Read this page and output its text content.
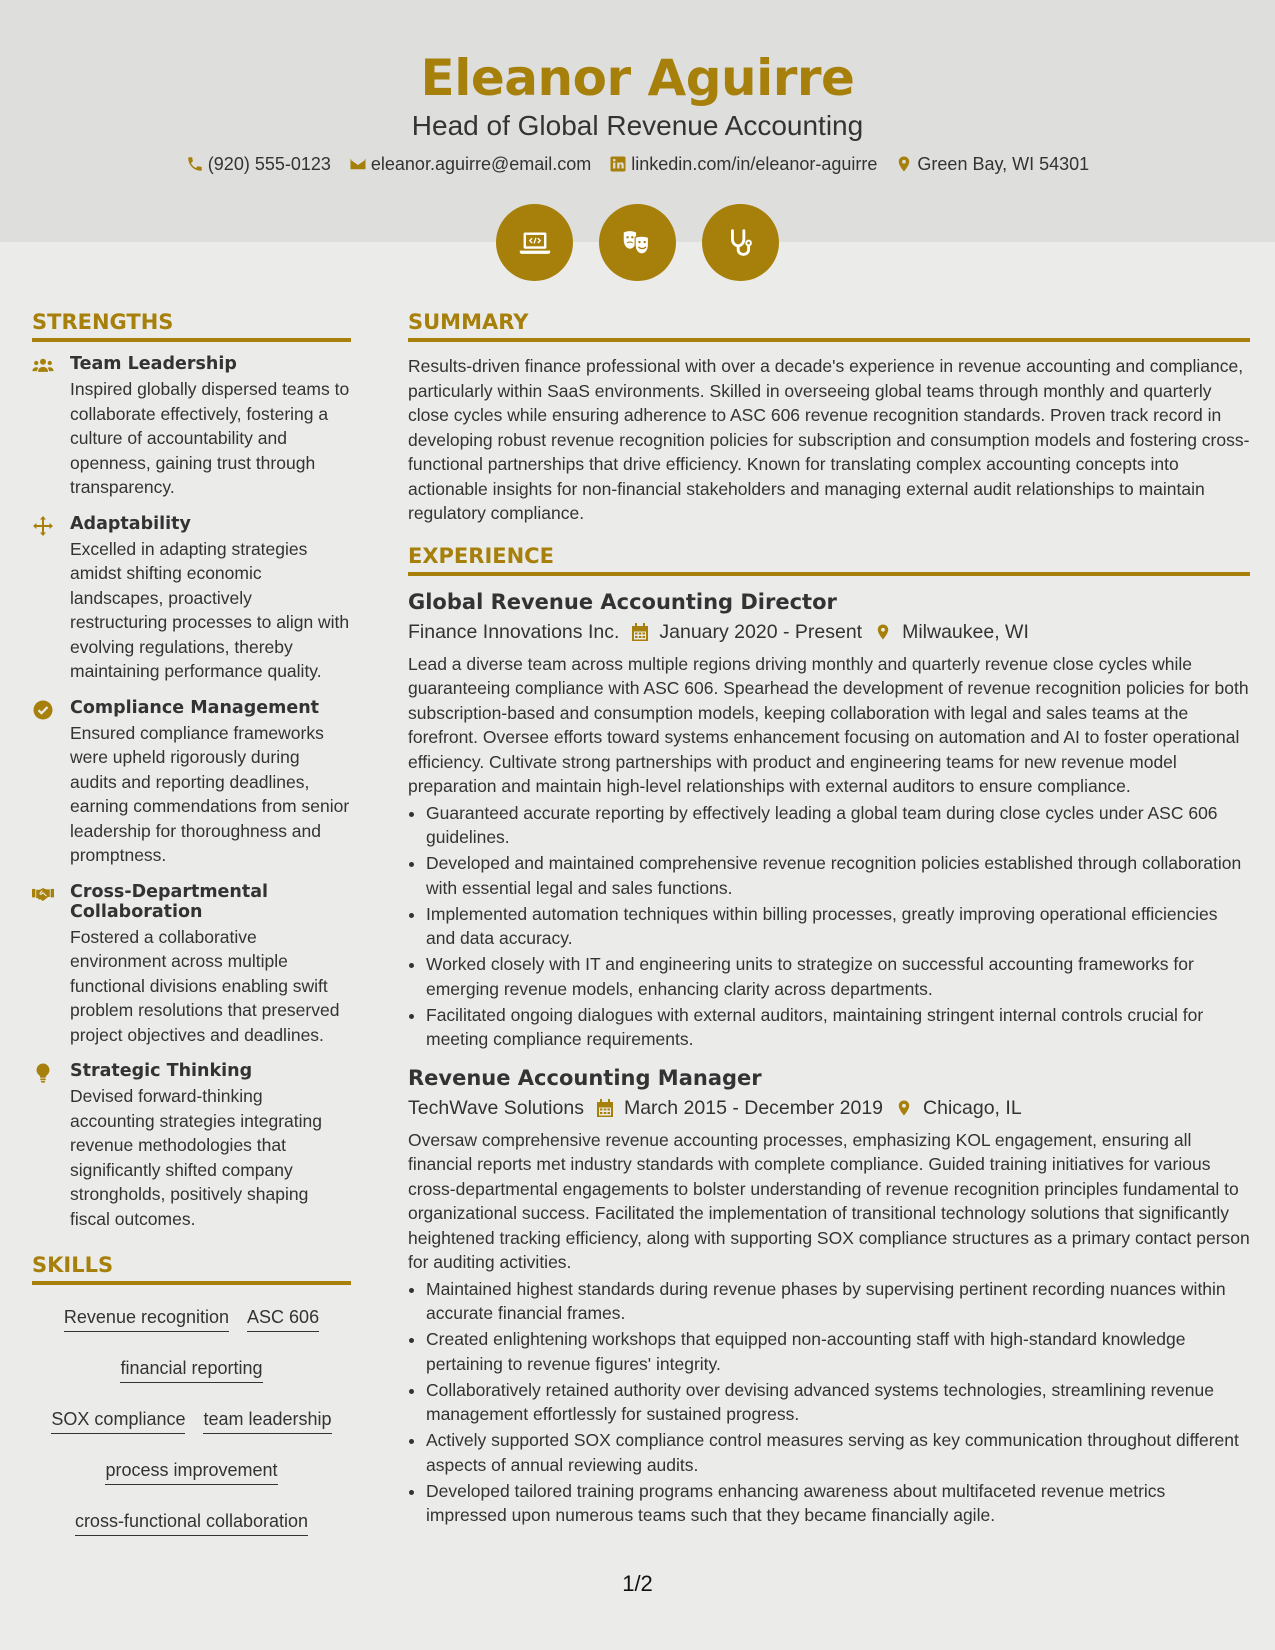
Eleanor Aguirre
Head of Global Revenue Accounting
(920) 555-0123 eleanor.aguirre@email.com linkedin.com/in/eleanor-aguirre Green Bay, WI 54301
STRENGTHS
Team Leadership
Inspired globally dispersed teams to collaborate effectively, fostering a culture of accountability and openness, gaining trust through transparency.
Adaptability
Excelled in adapting strategies amidst shifting economic landscapes, proactively restructuring processes to align with evolving regulations, thereby maintaining performance quality.
Compliance Management
Ensured compliance frameworks were upheld rigorously during audits and reporting deadlines, earning commendations from senior leadership for thoroughness and promptness.
Cross-Departmental Collaboration
Fostered a collaborative environment across multiple functional divisions enabling swift problem resolutions that preserved project objectives and deadlines.
Strategic Thinking
Devised forward-thinking accounting strategies integrating revenue methodologies that significantly shifted company strongholds, positively shaping fiscal outcomes.
SKILLS
Revenue recognition ASC 606
financial reporting
SOX compliance team leadership
process improvement
cross-functional collaboration
SUMMARY

Results-driven finance professional with over a decade's experience in revenue accounting and compliance, particularly within SaaS environments. Skilled in overseeing global teams through monthly and quarterly close cycles while ensuring adherence to ASC 606 revenue recognition standards. Proven track record in developing robust revenue recognition policies for subscription and consumption models and fostering cross-functional partnerships that drive efficiency. Known for translating complex accounting concepts into actionable insights for non-financial stakeholders and managing external audit relationships to maintain regulatory compliance.

EXPERIENCE
Global Revenue Accounting Director
Finance Innovations Inc. January 2020 - Present Milwaukee, WI

Lead a diverse team across multiple regions driving monthly and quarterly revenue close cycles while guaranteeing compliance with ASC 606. Spearhead the development of revenue recognition policies for both subscription-based and consumption models, keeping collaboration with legal and sales teams at the forefront. Oversee efforts toward systems enhancement focusing on automation and AI to foster operational efficiency. Cultivate strong partnerships with product and engineering teams for new revenue model preparation and maintain high-level relationships with external auditors to ensure compliance.

• Guaranteed accurate reporting by effectively leading a global team during close cycles under ASC 606 guidelines.
• Developed and maintained comprehensive revenue recognition policies established through collaboration with essential legal and sales functions.
• Implemented automation techniques within billing processes, greatly improving operational efficiencies and data accuracy.
• Worked closely with IT and engineering units to strategize on successful accounting frameworks for emerging revenue models, enhancing clarity across departments.
• Facilitated ongoing dialogues with external auditors, maintaining stringent internal controls crucial for meeting compliance requirements.
Revenue Accounting Manager
TechWave Solutions March 2015 - December 2019 Chicago, IL

Oversaw comprehensive revenue accounting processes, emphasizing KOL engagement, ensuring all financial reports met industry standards with complete compliance. Guided training initiatives for various cross-departmental engagements to bolster understanding of revenue recognition principles fundamental to organizational success. Facilitated the implementation of transitional technology solutions that significantly heightened tracking efficiency, along with supporting SOX compliance structures as a primary contact person for auditing activities.

• Maintained highest standards during revenue phases by supervising pertinent recording nuances within accurate financial frames.
• Created enlightening workshops that equipped non-accounting staff with high-standard knowledge pertaining to revenue figures' integrity.
• Collaboratively retained authority over devising advanced systems technologies, streamlining revenue management effortlessly for sustained progress.
• Actively supported SOX compliance control measures serving as key communication throughout different aspects of annual reviewing audits.
• Developed tailored training programs enhancing awareness about multifaceted revenue metrics impressed upon numerous teams such that they became financially agile.
1/2
